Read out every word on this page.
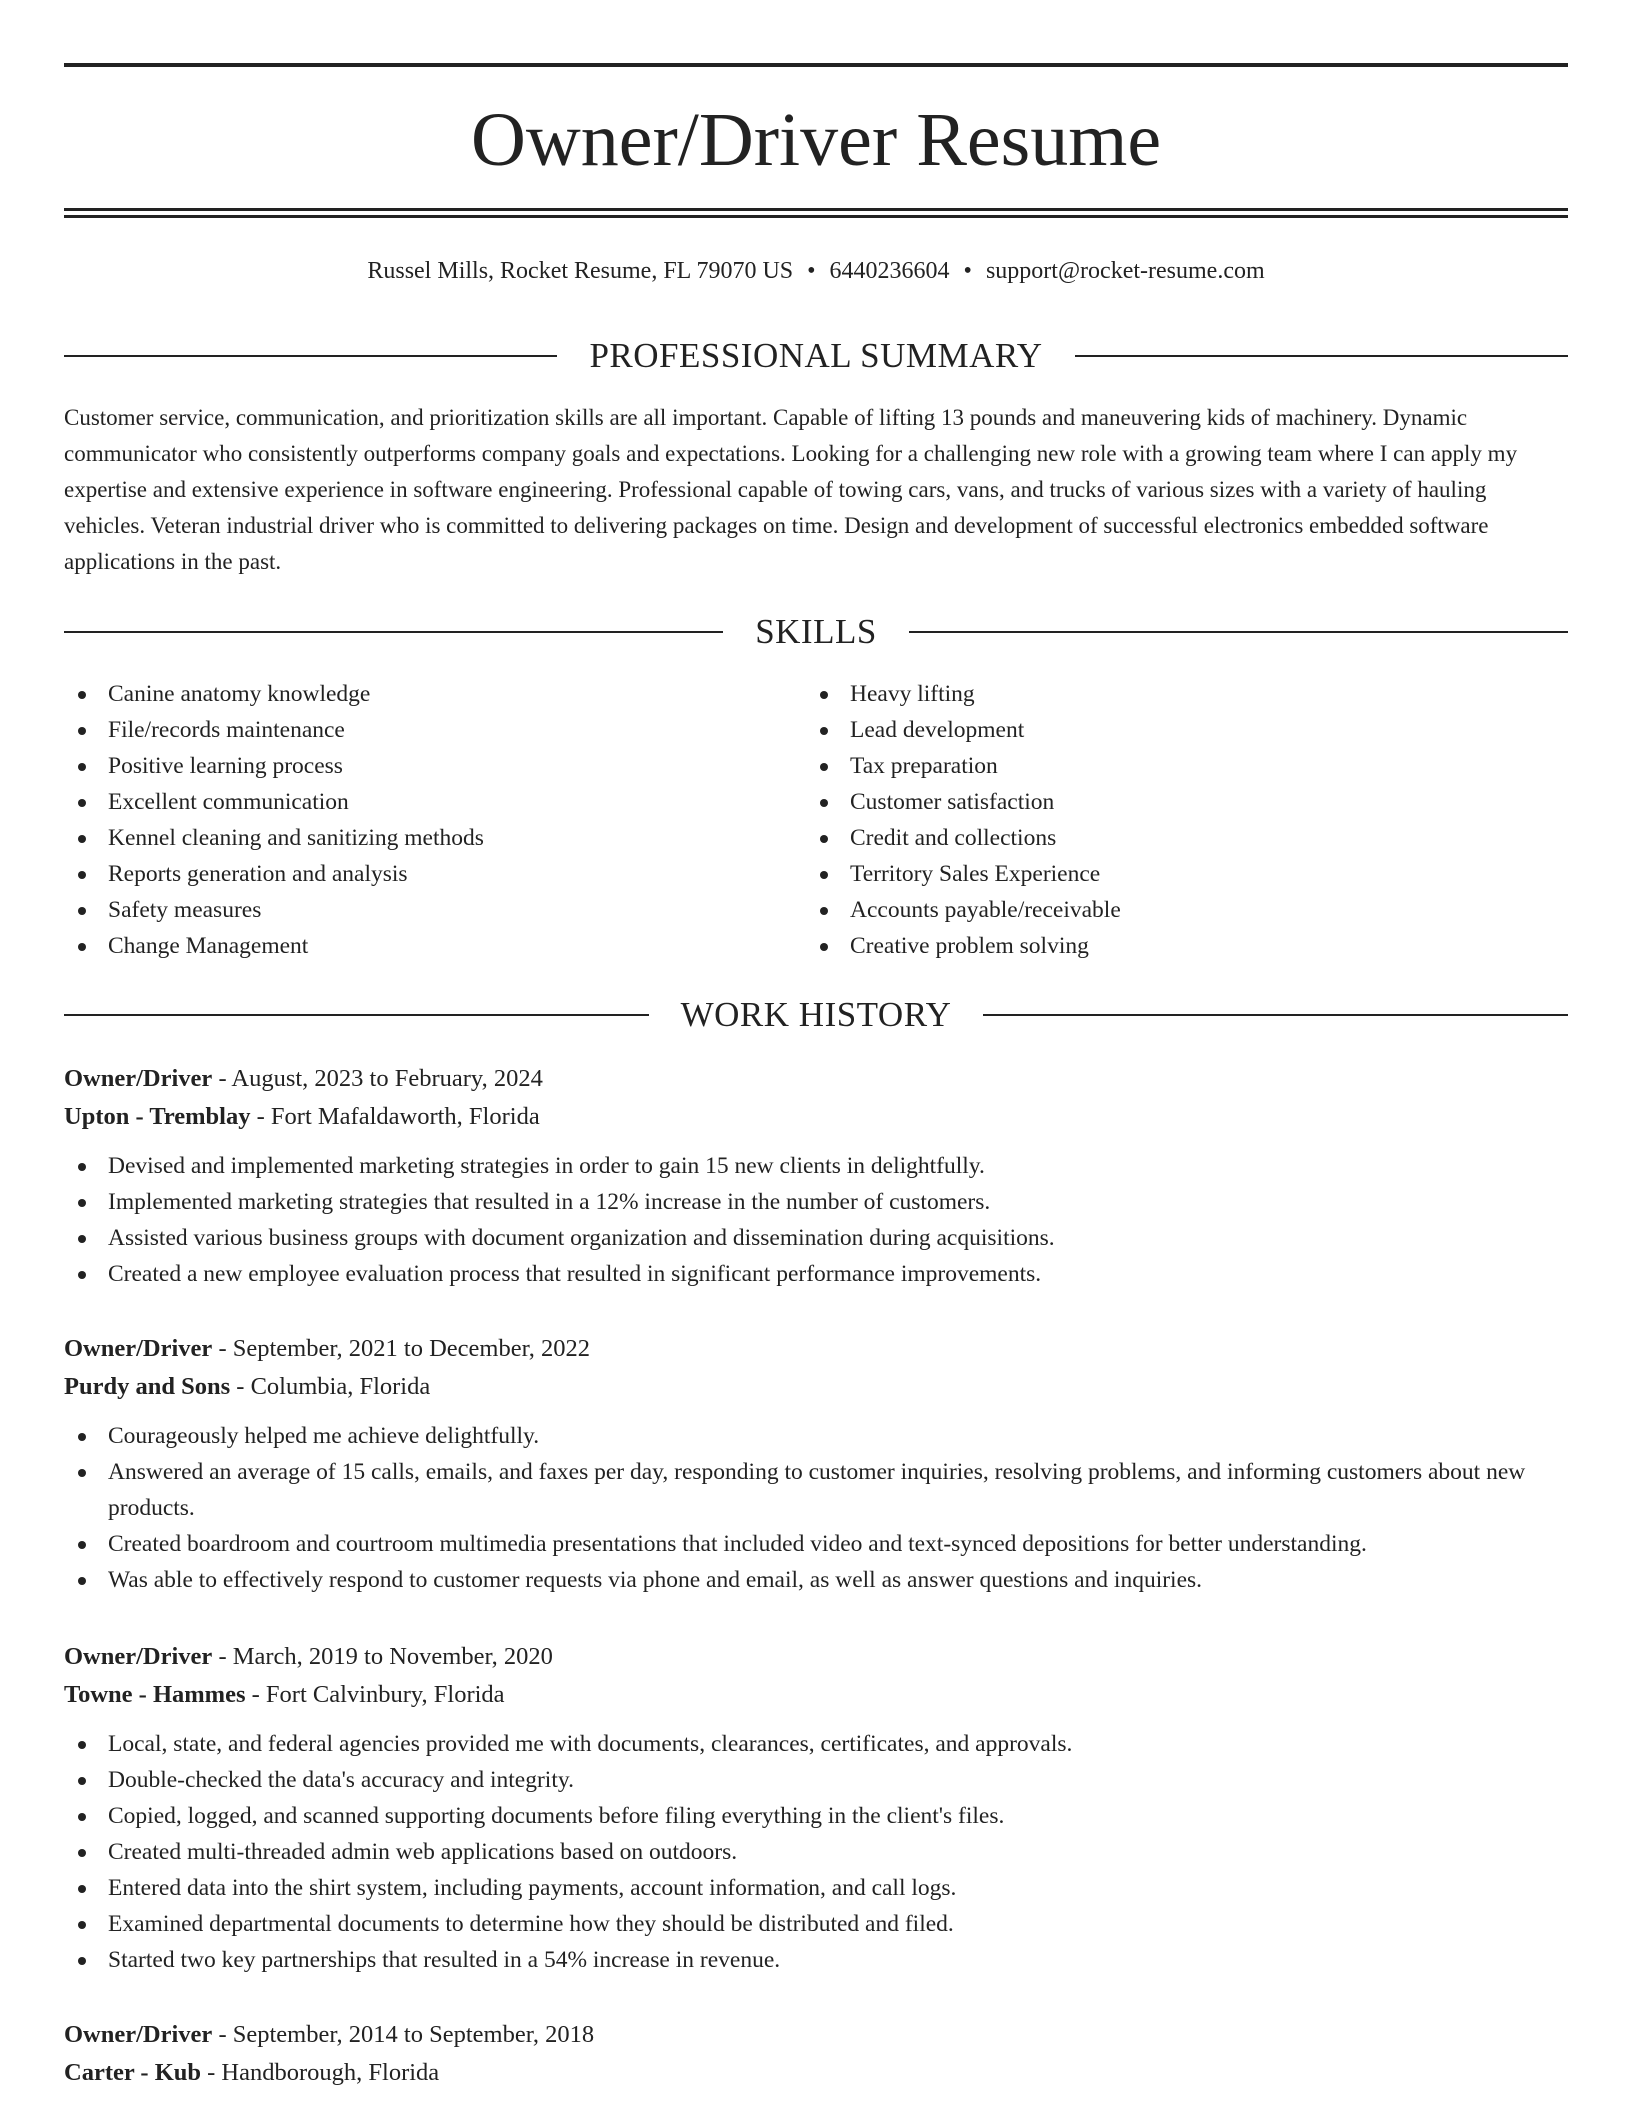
Owner/Driver Resume
Russel Mills, Rocket Resume, FL 79070 US • 6440236604 • support@rocket-resume.com
PROFESSIONAL SUMMARY

Customer service, communication, and prioritization skills are all important. Capable of lifting 13 pounds and maneuvering kids of machinery. Dynamic communicator who consistently outperforms company goals and expectations. Looking for a challenging new role with a growing team where I can apply my expertise and extensive experience in software engineering. Professional capable of towing cars, vans, and trucks of various sizes with a variety of hauling vehicles. Veteran industrial driver who is committed to delivering packages on time. Design and development of successful electronics embedded software applications in the past.

SKILLS
Canine anatomy knowledge
File/records maintenance
Positive learning process
Excellent communication
Kennel cleaning and sanitizing methods
Reports generation and analysis
Safety measures
Change Management
Heavy lifting
Lead development
Tax preparation
Customer satisfaction
Credit and collections
Territory Sales Experience
Accounts payable/receivable
Creative problem solving
WORK HISTORY
Owner/Driver - August, 2023 to February, 2024
Upton - Tremblay - Fort Mafaldaworth, Florida
Devised and implemented marketing strategies in order to gain 15 new clients in delightfully.
Implemented marketing strategies that resulted in a 12% increase in the number of customers.
Assisted various business groups with document organization and dissemination during acquisitions.
Created a new employee evaluation process that resulted in significant performance improvements.
Owner/Driver - September, 2021 to December, 2022
Purdy and Sons - Columbia, Florida
Courageously helped me achieve delightfully.
Answered an average of 15 calls, emails, and faxes per day, responding to customer inquiries, resolving problems, and informing customers about new products.
Created boardroom and courtroom multimedia presentations that included video and text-synced depositions for better understanding.
Was able to effectively respond to customer requests via phone and email, as well as answer questions and inquiries.
Owner/Driver - March, 2019 to November, 2020
Towne - Hammes - Fort Calvinbury, Florida
Local, state, and federal agencies provided me with documents, clearances, certificates, and approvals.
Double-checked the data's accuracy and integrity.
Copied, logged, and scanned supporting documents before filing everything in the client's files.
Created multi-threaded admin web applications based on outdoors.
Entered data into the shirt system, including payments, account information, and call logs.
Examined departmental documents to determine how they should be distributed and filed.
Started two key partnerships that resulted in a 54% increase in revenue.
Owner/Driver - September, 2014 to September, 2018
Carter - Kub - Handborough, Florida
